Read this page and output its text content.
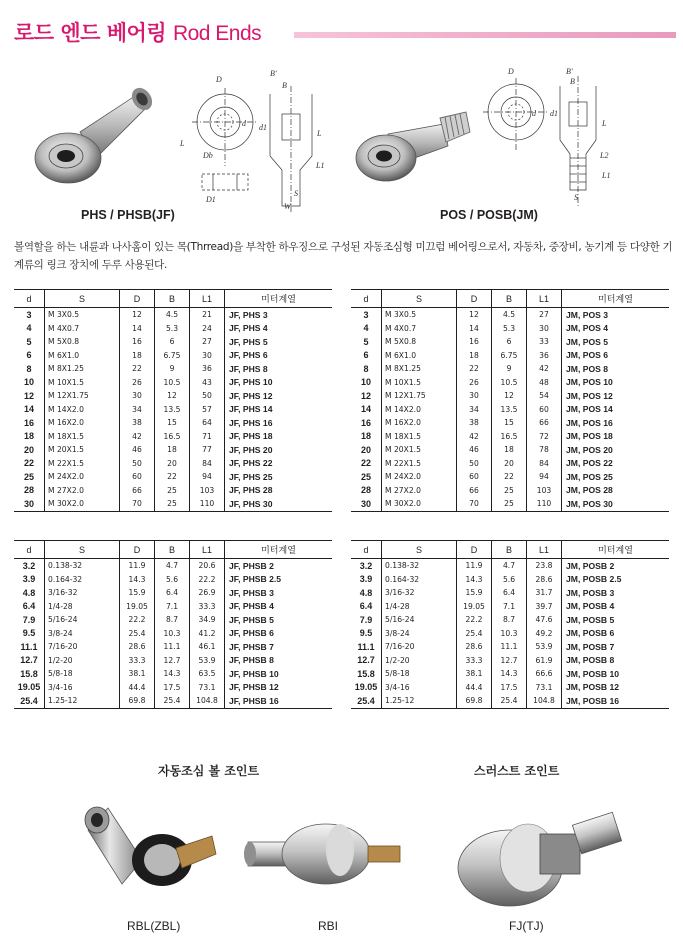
로드 엔드 베어링 Rod Ends
B'
B
D
d
Db
L
D1
d1
L
L1
S
W
PHS / PHSB(JF)
B'
B
D
d d1
L
L2
L1
S
POS / POSB(JM)
볼역할을 하는 내륜과 나사홈이 있는 목(Thrread)을 부착한 하우징으로 구성된 자동조심형 미끄럼 베어링으로서, 자동차, 중장비, 농기계 등 다양한 기계류의 링크 장치에 두루 사용된다.
d	S	D	B	L1	미터계열
3	M 3X0.5	12	4.5	21	JF, PHS 3
4	M 4X0.7	14	5.3	24	JF, PHS 4
5	M 5X0.8	16	6	27	JF, PHS 5
6	M 6X1.0	18	6.75	30	JF, PHS 6
8	M 8X1.25	22	9	36	JF, PHS 8
10	M 10X1.5	26	10.5	43	JF, PHS 10
12	M 12X1.75	30	12	50	JF, PHS 12
14	M 14X2.0	34	13.5	57	JF, PHS 14
16	M 16X2.0	38	15	64	JF, PHS 16
18	M 18X1.5	42	16.5	71	JF, PHS 18
20	M 20X1.5	46	18	77	JF, PHS 20
22	M 22X1.5	50	20	84	JF, PHS 22
25	M 24X2.0	60	22	94	JF, PHS 25
28	M 27X2.0	66	25	103	JF, PHS 28
30	M 30X2.0	70	25	110	JF, PHS 30
d	S	D	B	L1	미터계열
3	M 3X0.5	12	4.5	27	JM, POS 3
4	M 4X0.7	14	5.3	30	JM, POS 4
5	M 5X0.8	16	6	33	JM, POS 5
6	M 6X1.0	18	6.75	36	JM, POS 6
8	M 8X1.25	22	9	42	JM, POS 8
10	M 10X1.5	26	10.5	48	JM, POS 10
12	M 12X1.75	30	12	54	JM, POS 12
14	M 14X2.0	34	13.5	60	JM, POS 14
16	M 16X2.0	38	15	66	JM, POS 16
18	M 18X1.5	42	16.5	72	JM, POS 18
20	M 20X1.5	46	18	78	JM, POS 20
22	M 22X1.5	50	20	84	JM, POS 22
25	M 24X2.0	60	22	94	JM, POS 25
28	M 27X2.0	66	25	103	JM, POS 28
30	M 30X2.0	70	25	110	JM, POS 30
d	S	D	B	L1	미터계열
3.2	0.138-32	11.9	4.7	20.6	JF, PHSB 2
3.9	0.164-32	14.3	5.6	22.2	JF, PHSB 2.5
4.8	3/16-32	15.9	6.4	26.9	JF, PHSB 3
6.4	1/4-28	19.05	7.1	33.3	JF, PHSB 4
7.9	5/16-24	22.2	8.7	34.9	JF, PHSB 5
9.5	3/8-24	25.4	10.3	41.2	JF, PHSB 6
11.1	7/16-20	28.6	11.1	46.1	JF, PHSB 7
12.7	1/2-20	33.3	12.7	53.9	JF, PHSB 8
15.8	5/8-18	38.1	14.3	63.5	JF, PHSB 10
19.05	3/4-16	44.4	17.5	73.1	JF, PHSB 12
25.4	1.25-12	69.8	25.4	104.8	JF, PHSB 16
d	S	D	B	L1	미터계열
3.2	0.138-32	11.9	4.7	23.8	JM, POSB 2
3.9	0.164-32	14.3	5.6	28.6	JM, POSB 2.5
4.8	3/16-32	15.9	6.4	31.7	JM, POSB 3
6.4	1/4-28	19.05	7.1	39.7	JM, POSB 4
7.9	5/16-24	22.2	8.7	47.6	JM, POSB 5
9.5	3/8-24	25.4	10.3	49.2	JM, POSB 6
11.1	7/16-20	28.6	11.1	53.9	JM, POSB 7
12.7	1/2-20	33.3	12.7	61.9	JM, POSB 8
15.8	5/8-18	38.1	14.3	66.6	JM, POSB 10
19.05	3/4-16	44.4	17.5	73.1	JM, POSB 12
25.4	1.25-12	69.8	25.4	104.8	JM, POSB 16
자동조심 볼 조인트	스러스트 조인트
RBL(ZBL)	RBI	FJ(TJ)
